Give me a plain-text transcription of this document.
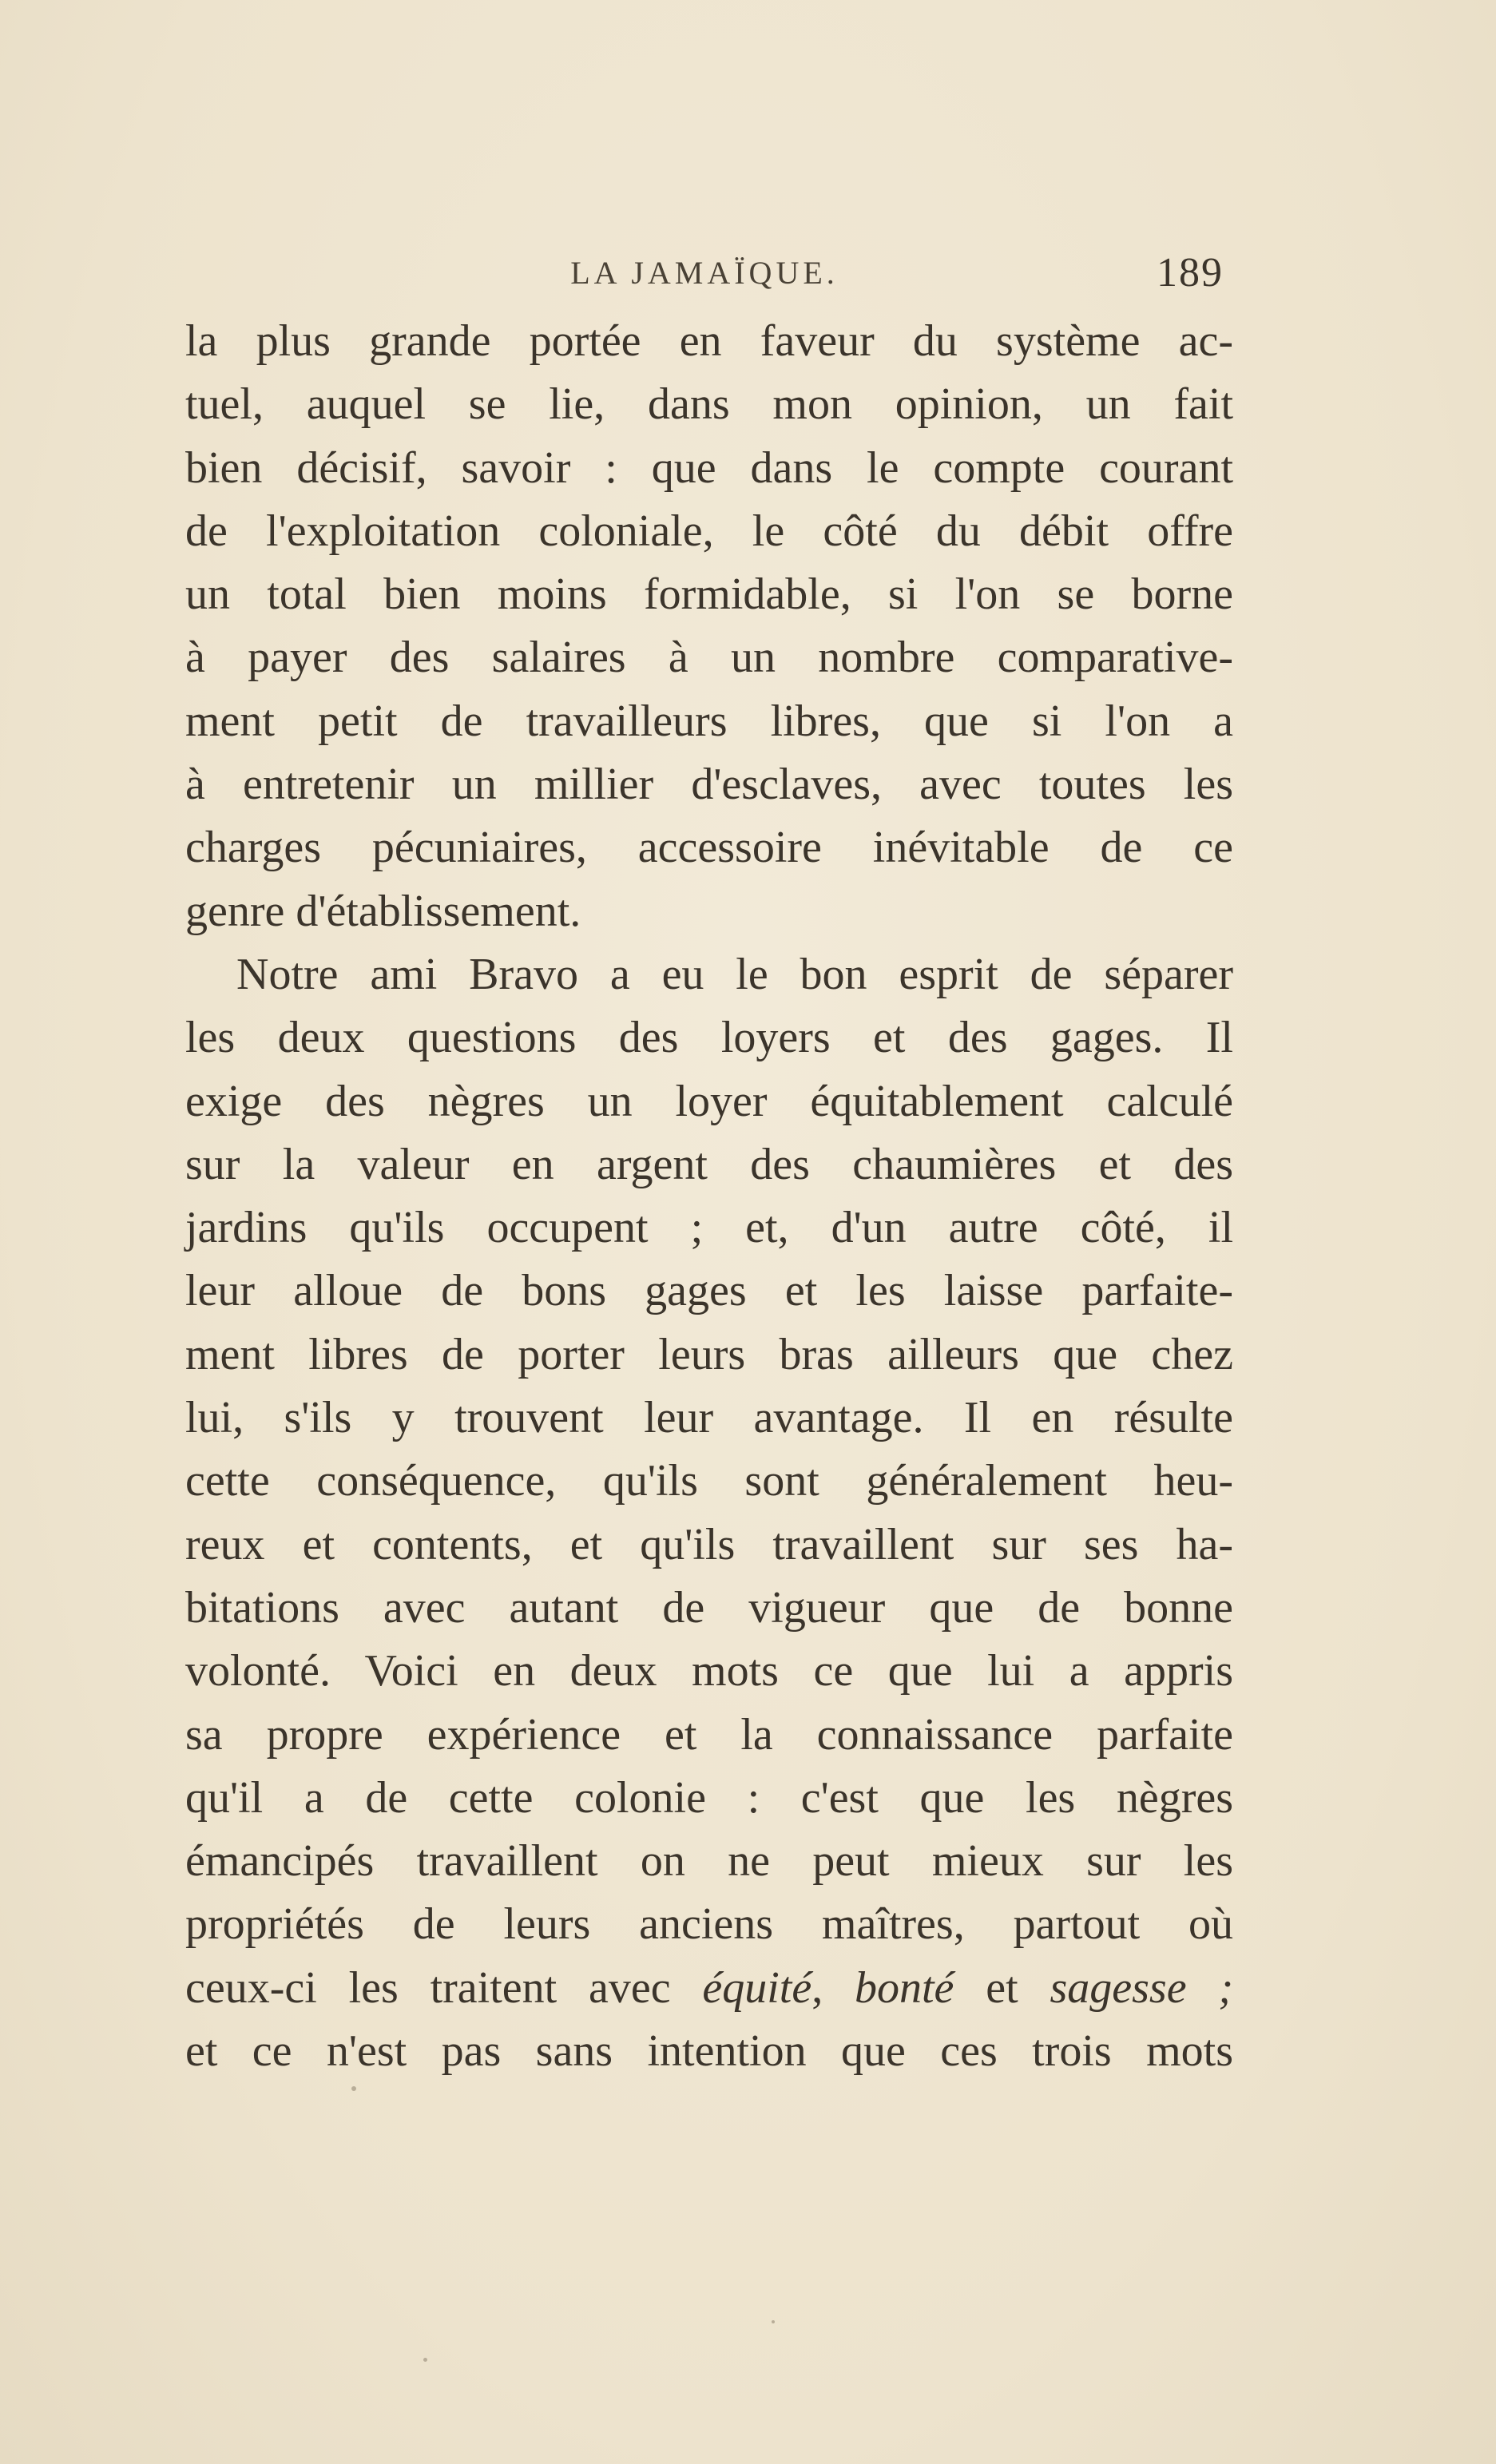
LA JAMAÏQUE.	189
la plus grande portée en faveur du système ac-
tuel, auquel se lie, dans mon opinion, un fait
bien décisif, savoir : que dans le compte courant
de l'exploitation coloniale, le côté du débit offre
un total bien moins formidable, si l'on se borne
à payer des salaires à un nombre comparative-
ment petit de travailleurs libres, que si l'on a
à entretenir un millier d'esclaves, avec toutes les
charges pécuniaires, accessoire inévitable de ce
genre d'établissement.
Notre ami Bravo a eu le bon esprit de séparer
les deux questions des loyers et des gages. Il
exige des nègres un loyer équitablement calculé
sur la valeur en argent des chaumières et des
jardins qu'ils occupent ; et, d'un autre côté, il
leur alloue de bons gages et les laisse parfaite-
ment libres de porter leurs bras ailleurs que chez
lui, s'ils y trouvent leur avantage. Il en résulte
cette conséquence, qu'ils sont généralement heu-
reux et contents, et qu'ils travaillent sur ses ha-
bitations avec autant de vigueur que de bonne
volonté. Voici en deux mots ce que lui a appris
sa propre expérience et la connaissance parfaite
qu'il a de cette colonie : c'est que les nègres
émancipés travaillent on ne peut mieux sur les
propriétés de leurs anciens maîtres, partout où
ceux-ci les traitent avec équité, bonté et sagesse ;
et ce n'est pas sans intention que ces trois mots
